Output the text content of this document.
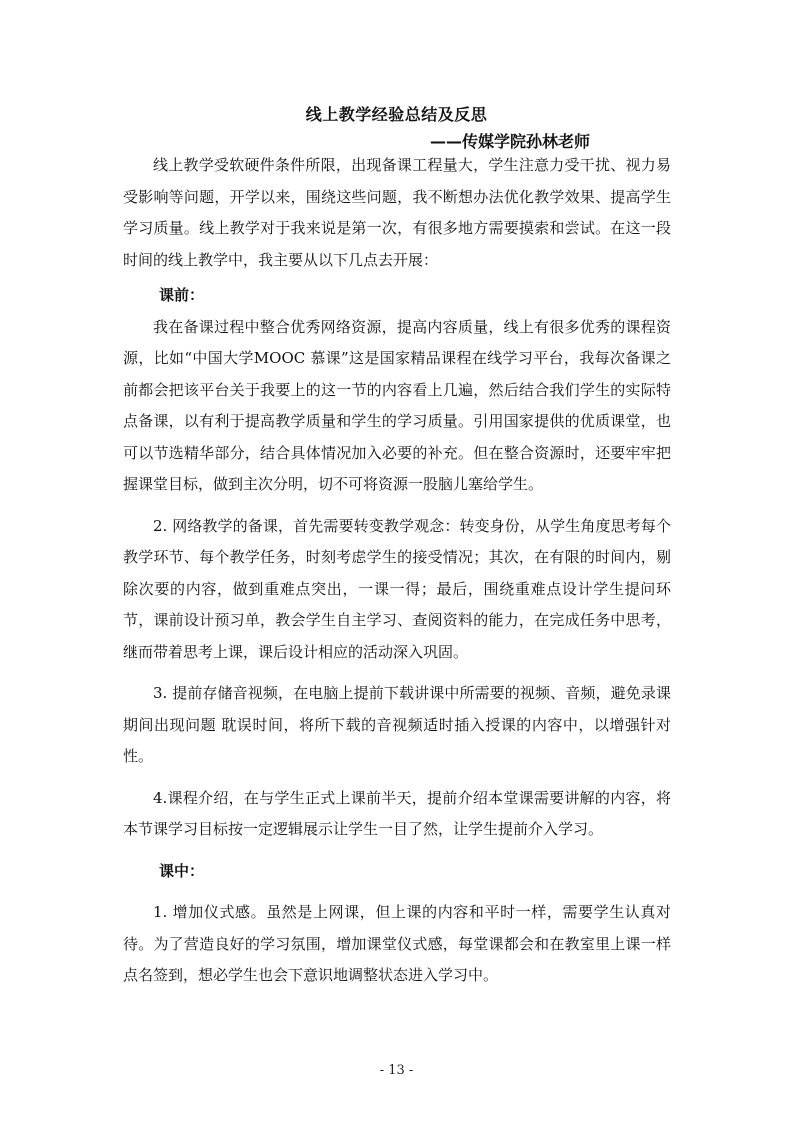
线上教学经验总结及反思
——传媒学院孙林老师

线上教学受软硬件条件所限，出现备课工程量大，学生注意力受干扰、视力易受影响等问题，开学以来，围绕这些问题，我不断想办法优化教学效果、提高学生学习质量。线上教学对于我来说是第一次，有很多地方需要摸索和尝试。在这一段时间的线上教学中，我主要从以下几点去开展：

课前：

我在备课过程中整合优秀网络资源，提高内容质量，线上有很多优秀的课程资 源，比如“中国大学MOOC 慕课”这是国家精品课程在线学习平台，我每次备课之前都会把该平台关于我要上的这一节的内容看上几遍，然后结合我们学生的实际特点备课，以有利于提高教学质量和学生的学习质量。引用国家提供的优质课堂，也可以节选精华部分，结合具体情况加入必要的补充。但在整合资源时，还要牢牢把握课堂目标，做到主次分明，切不可将资源一股脑儿塞给学生。

2. 网络教学的备课，首先需要转变教学观念：转变身份，从学生角度思考每个教学环节、每个教学任务，时刻考虑学生的接受情况；其次，在有限的时间内，剔除次要的内容，做到重难点突出，一课一得；最后，围绕重难点设计学生提问环节，课前设计预习单，教会学生自主学习、查阅资料的能力，在完成任务中思考，继而带着思考上课，课后设计相应的活动深入巩固。

3. 提前存储音视频，在电脑上提前下载讲课中所需要的视频、音频，避免录课期间出现问题 耽误时间，将所下载的音视频适时插入授课的内容中，以增强针对性。

4.课程介绍，在与学生正式上课前半天，提前介绍本堂课需要讲解的内容，将本节课学习目标按一定逻辑展示让学生一目了然，让学生提前介入学习。

课中：

1. 增加仪式感。虽然是上网课，但上课的内容和平时一样，需要学生认真对待。为了营造良好的学习氛围，增加课堂仪式感，每堂课都会和在教室里上课一样点名签到，想必学生也会下意识地调整状态进入学习中。

- 13 -
